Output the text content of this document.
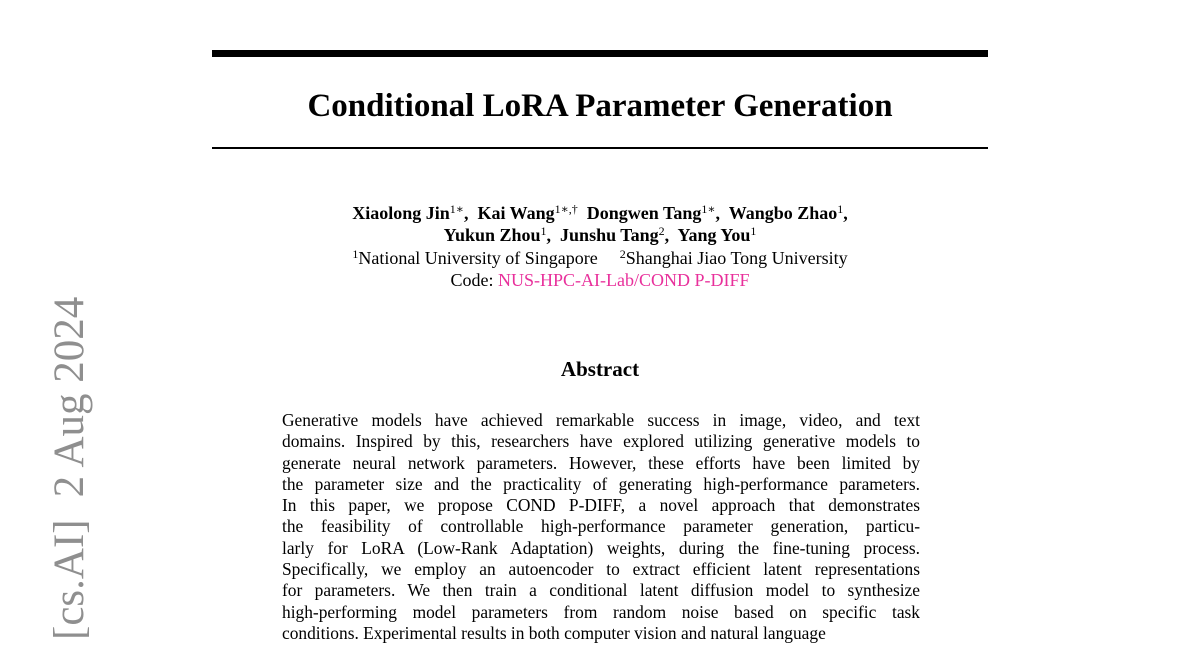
Conditional LoRA Parameter Generation
Xiaolong Jin$^{1∗}$,  Kai Wang$^{1∗,\dagger}$ Dongwen Tang$^{1∗}$,  Wangbo Zhao$^1$,
Yukun Zhou$^1$,  Junshu Tang$^2$,  Yang You$^1$
$^1$National University of Singapore $^2$Shanghai Jiao Tong University
Code: NUS-HPC-AI-Lab/COND P-DIFF
Abstract
Generative models have achieved remarkable success in image, video, and text
domains. Inspired by this, researchers have explored utilizing generative models to
generate neural network parameters. However, these efforts have been limited by
the parameter size and the practicality of generating high-performance parameters.
In this paper, we propose COND P-DIFF, a novel approach that demonstrates
the feasibility of controllable high-performance parameter generation, particu-
larly for LoRA (Low-Rank Adaptation) weights, during the fine-tuning process.
Specifically, we employ an autoencoder to extract efficient latent representations
for parameters. We then train a conditional latent diffusion model to synthesize
high-performing model parameters from random noise based on specific task
conditions. Experimental results in both computer vision and natural language
[cs.AI]2 Aug 2024
